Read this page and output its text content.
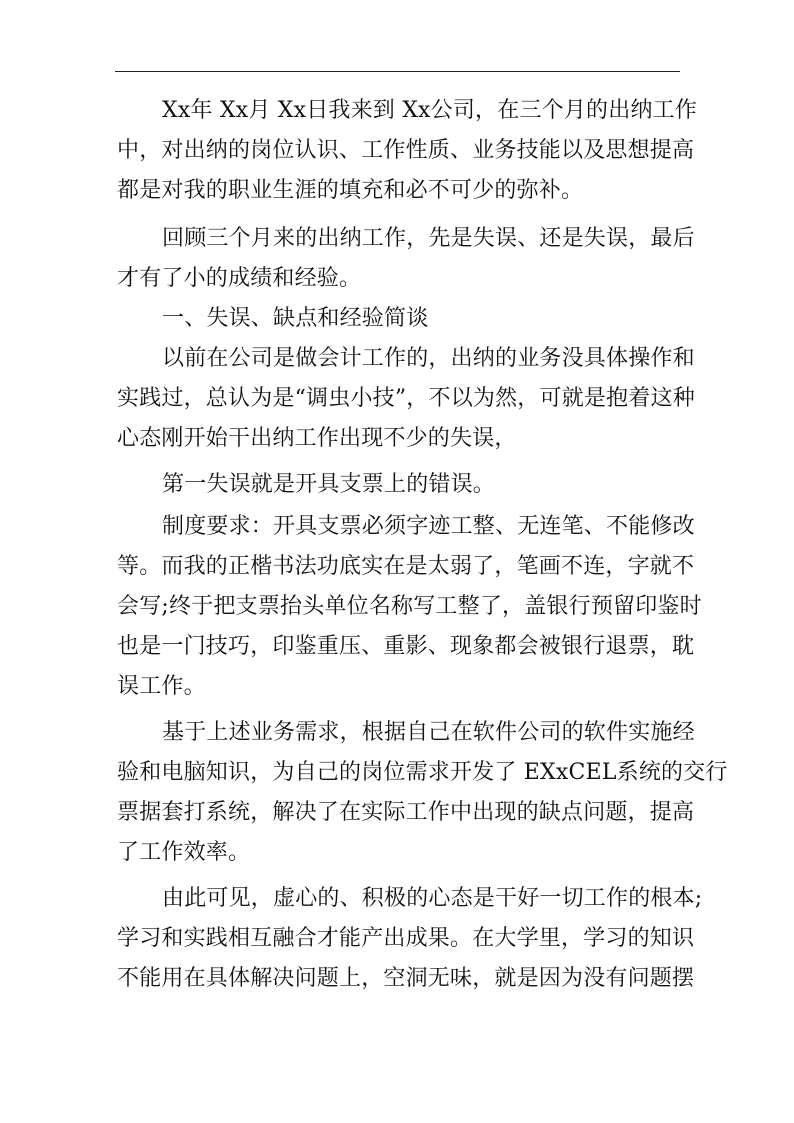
Xx年 Xx月 Xx日我来到 Xx公司，在三个月的出纳工作

中，对出纳的岗位认识、工作性质、业务技能以及思想提高

都是对我的职业生涯的填充和必不可少的弥补。

回顾三个月来的出纳工作，先是失误、还是失误，最后

才有了小的成绩和经验。

一、失误、缺点和经验简谈

以前在公司是做会计工作的，出纳的业务没具体操作和

实践过，总认为是“调虫小技”，不以为然，可就是抱着这种

心态刚开始干出纳工作出现不少的失误，

第一失误就是开具支票上的错误。

制度要求：开具支票必须字迹工整、无连笔、不能修改

等。而我的正楷书法功底实在是太弱了，笔画不连，字就不

会写;终于把支票抬头单位名称写工整了，盖银行预留印鉴时

也是一门技巧，印鉴重压、重影、现象都会被银行退票，耽

误工作。

基于上述业务需求，根据自己在软件公司的软件实施经

验和电脑知识，为自己的岗位需求开发了 EXxCEL系统的交行

票据套打系统，解决了在实际工作中出现的缺点问题，提高

了工作效率。

由此可见，虚心的、积极的心态是干好一切工作的根本;

学习和实践相互融合才能产出成果。在大学里，学习的知识

不能用在具体解决问题上，空洞无味，就是因为没有问题摆
